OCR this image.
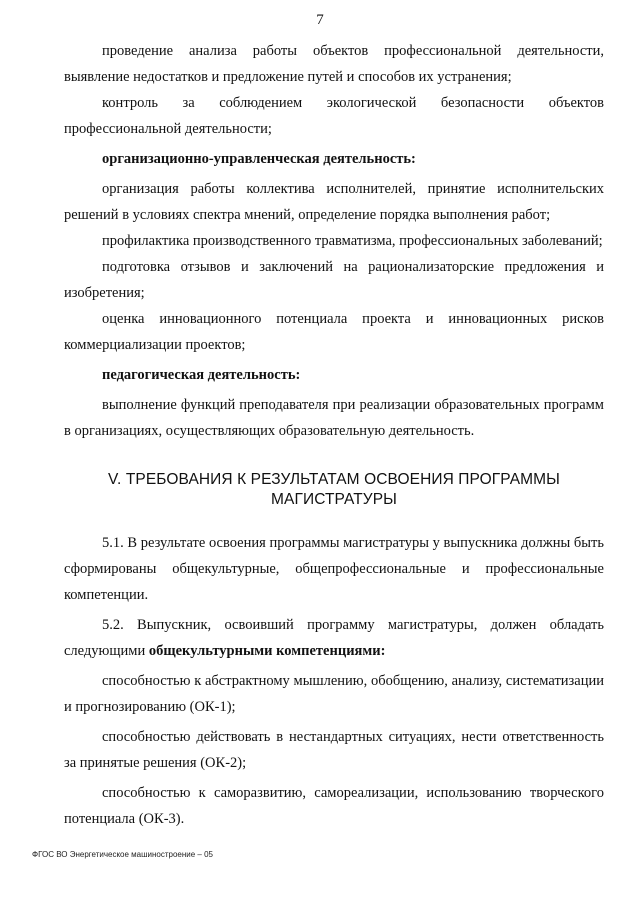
7

проведение анализа работы объектов профессиональной деятельности, выявление недостатков и предложение путей и способов их устранения;

контроль за соблюдением экологической безопасности объектов профессиональной деятельности;

организационно-управленческая деятельность:

организация работы коллектива исполнителей, принятие исполнительских решений в условиях спектра мнений, определение порядка выполнения работ;

профилактика производственного травматизма, профессиональных заболеваний;

подготовка отзывов и заключений на рационализаторские предложения и изобретения;

оценка инновационного потенциала проекта и инновационных рисков коммерциализации проектов;

педагогическая деятельность:

выполнение функций преподавателя при реализации образовательных программ в организациях, осуществляющих образовательную деятельность.

V. ТРЕБОВАНИЯ К РЕЗУЛЬТАТАМ ОСВОЕНИЯ ПРОГРАММЫ
МАГИСТРАТУРЫ

5.1. В результате освоения программы магистратуры у выпускника должны быть сформированы общекультурные, общепрофессиональные и профессиональные компетенции.

5.2. Выпускник, освоивший программу магистратуры, должен обладать следующими общекультурными компетенциями:

способностью к абстрактному мышлению, обобщению, анализу, систематизации и прогнозированию (ОК-1);

способностью действовать в нестандартных ситуациях, нести ответственность за принятые решения (ОК-2);

способностью к саморазвитию, самореализации, использованию творческого потенциала (ОК-3).

ФГОС ВО Энергетическое машиностроение – 05
